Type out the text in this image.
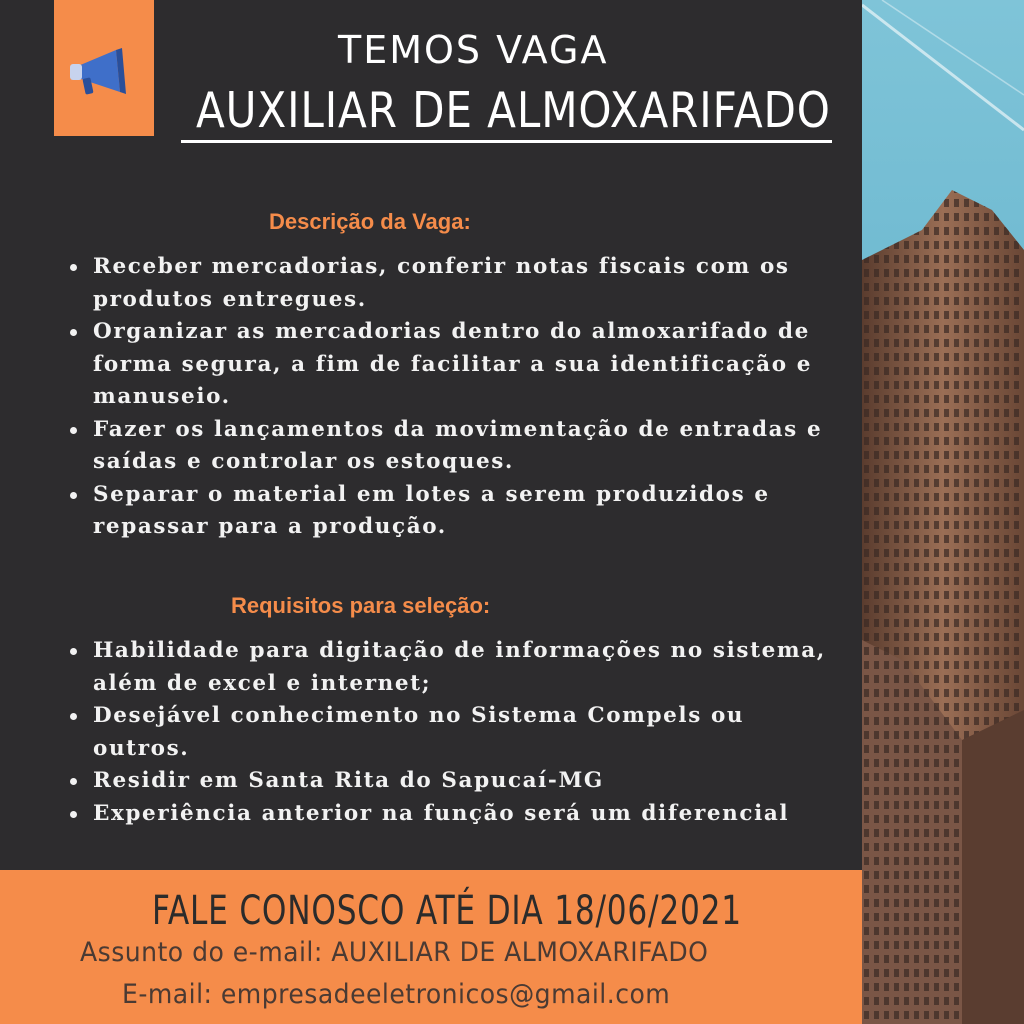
TEMOS VAGA
AUXILIAR DE ALMOXARIFADO
Descrição da Vaga:
Receber mercadorias, conferir notas fiscais com os produtos entregues.
Organizar as mercadorias dentro do almoxarifado de forma segura, a fim de facilitar a sua identificação e manuseio.
Fazer os lançamentos da movimentação de entradas e saídas e controlar os estoques.
Separar o material em lotes a serem produzidos e repassar para a produção.
Requisitos para seleção:
Habilidade para digitação de informações no sistema, além de excel e internet;
Desejável conhecimento no Sistema Compels ou outros.
Residir em Santa Rita do Sapucaí-MG
Experiência anterior na função será um diferencial
FALE CONOSCO ATÉ DIA 18/06/2021
Assunto do e-mail: AUXILIAR DE ALMOXARIFADO
E-mail: empresadeeletronicos@gmail.com
